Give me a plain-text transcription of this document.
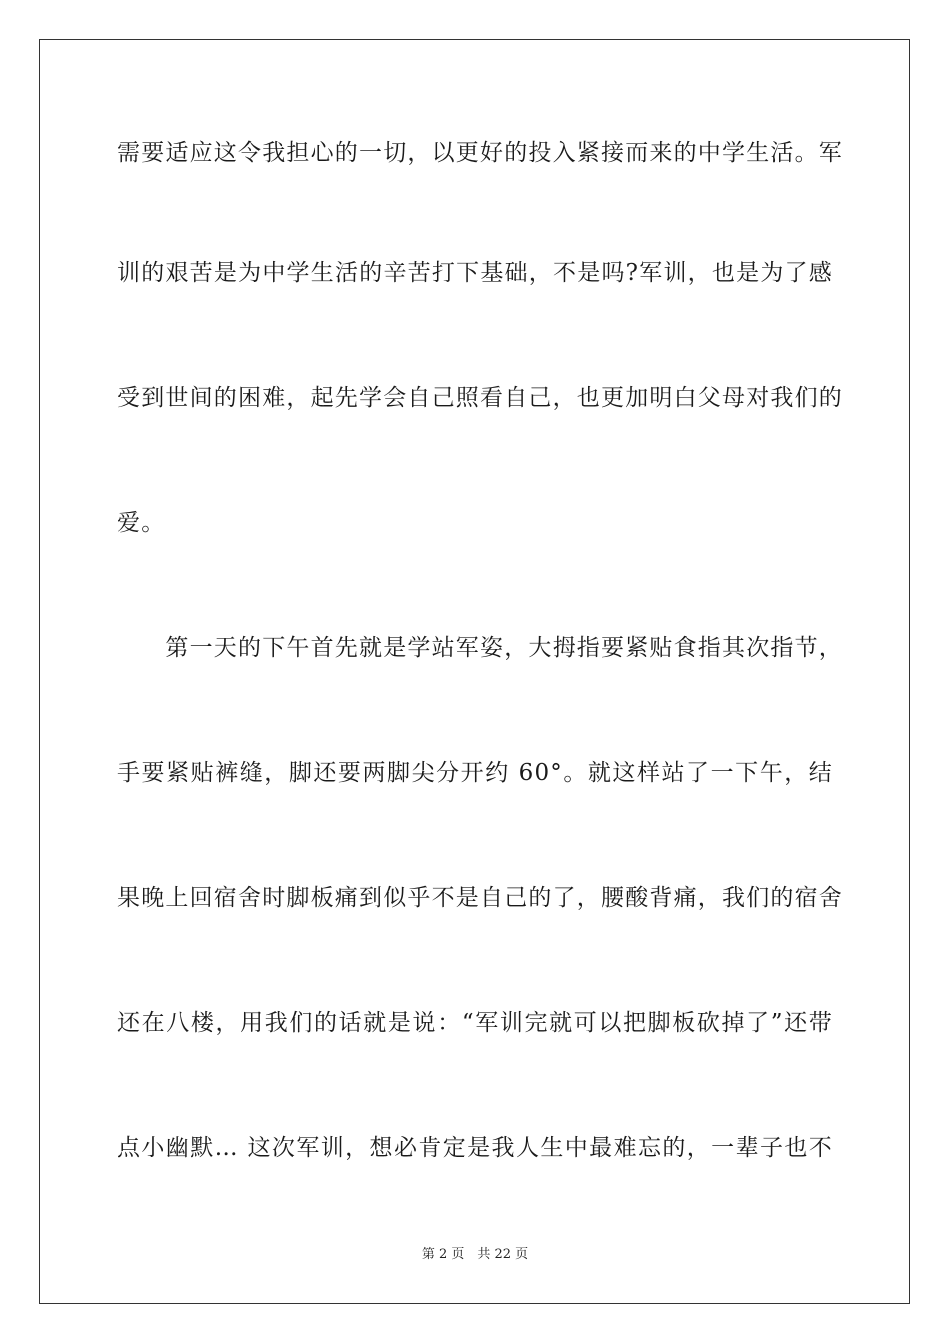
需要适应这令我担心的一切，以更好的投入紧接而来的中学生活。军
训的艰苦是为中学生活的辛苦打下基础，不是吗?军训，也是为了感
受到世间的困难，起先学会自己照看自己，也更加明白父母对我们的
爱。
　　第一天的下午首先就是学站军姿，大拇指要紧贴食指其次指节，
手要紧贴裤缝，脚还要两脚尖分开约 60°。就这样站了一下午，结
果晚上回宿舍时脚板痛到似乎不是自己的了，腰酸背痛，我们的宿舍
还在八楼，用我们的话就是说：“军训完就可以把脚板砍掉了”还带
点小幽默… 这次军训，想必肯定是我人生中最难忘的，一辈子也不
第 2 页　共 22 页
